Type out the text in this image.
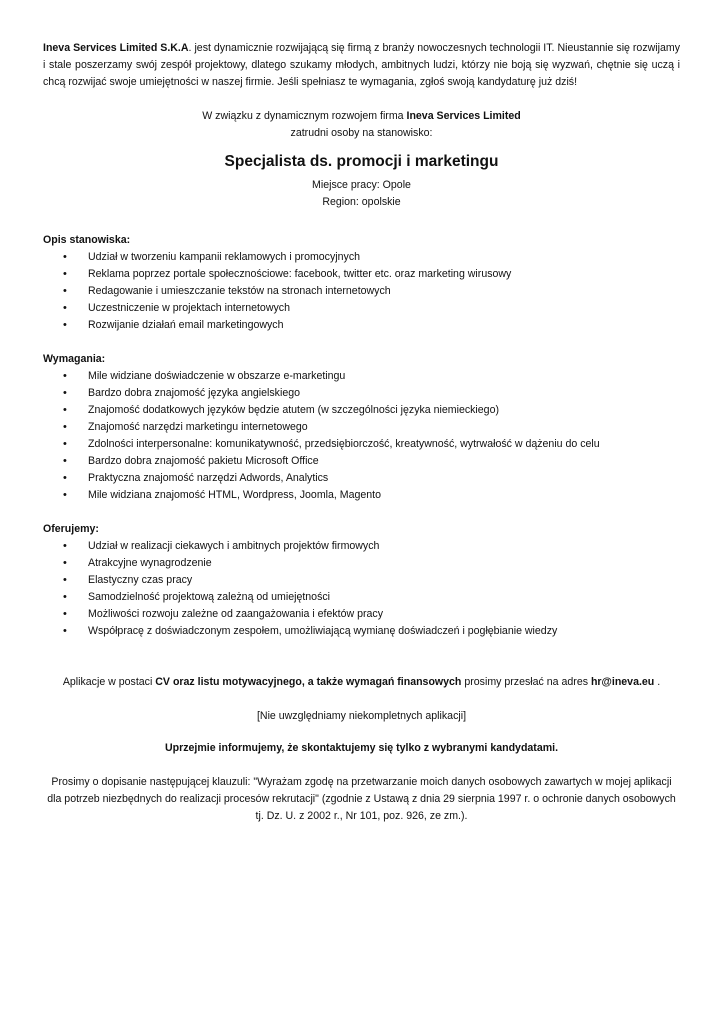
Ineva Services Limited S.K.A. jest dynamicznie rozwijającą się firmą z branży nowoczesnych technologii IT. Nieustannie się rozwijamy i stale poszerzamy swój zespół projektowy, dlatego szukamy młodych, ambitnych ludzi, którzy nie boją się wyzwań, chętnie się uczą i chcą rozwijać swoje umiejętności w naszej firmie. Jeśli spełniasz te wymagania, zgłoś swoją kandydaturę już dziś!

W związku z dynamicznym rozwojem firma Ineva Services Limited
zatrudni osoby na stanowisko:
Specjalista ds. promocji i marketingu
Miejsce pracy: Opole
Region: opolskie
Opis stanowiska:
• Udział w tworzeniu kampanii reklamowych i promocyjnych
• Reklama poprzez portale społecznościowe: facebook, twitter etc. oraz marketing wirusowy
• Redagowanie i umieszczanie tekstów na stronach internetowych
• Uczestniczenie w projektach internetowych
• Rozwijanie działań email marketingowych
Wymagania:
• Mile widziane doświadczenie w obszarze e-marketingu
• Bardzo dobra znajomość języka angielskiego
• Znajomość dodatkowych języków będzie atutem (w szczególności języka niemieckiego)
• Znajomość narzędzi marketingu internetowego
• Zdolności interpersonalne: komunikatywność, przedsiębiorczość, kreatywność, wytrwałość w dążeniu do celu
• Bardzo dobra znajomość pakietu Microsoft Office
• Praktyczna znajomość narzędzi Adwords, Analytics
• Mile widziana znajomość HTML, Wordpress, Joomla, Magento
Oferujemy:
• Udział w realizacji ciekawych i ambitnych projektów firmowych
• Atrakcyjne wynagrodzenie
• Elastyczny czas pracy
• Samodzielność projektową zależną od umiejętności
• Możliwości rozwoju zależne od zaangażowania i efektów pracy
• Współpracę z doświadczonym zespołem, umożliwiającą wymianę doświadczeń i pogłębianie wiedzy
Aplikacje w postaci CV oraz listu motywacyjnego, a także wymagań finansowych prosimy przesłać na adres hr@ineva.eu .
[Nie uwzględniamy niekompletnych aplikacji]
Uprzejmie informujemy, że skontaktujemy się tylko z wybranymi kandydatami.
Prosimy o dopisanie następującej klauzuli: "Wyrażam zgodę na przetwarzanie moich danych osobowych zawartych w mojej aplikacji dla potrzeb niezbędnych do realizacji procesów rekrutacji" (zgodnie z Ustawą z dnia 29 sierpnia 1997 r. o ochronie danych osobowych tj. Dz. U. z 2002 r., Nr 101, poz. 926, ze zm.).
